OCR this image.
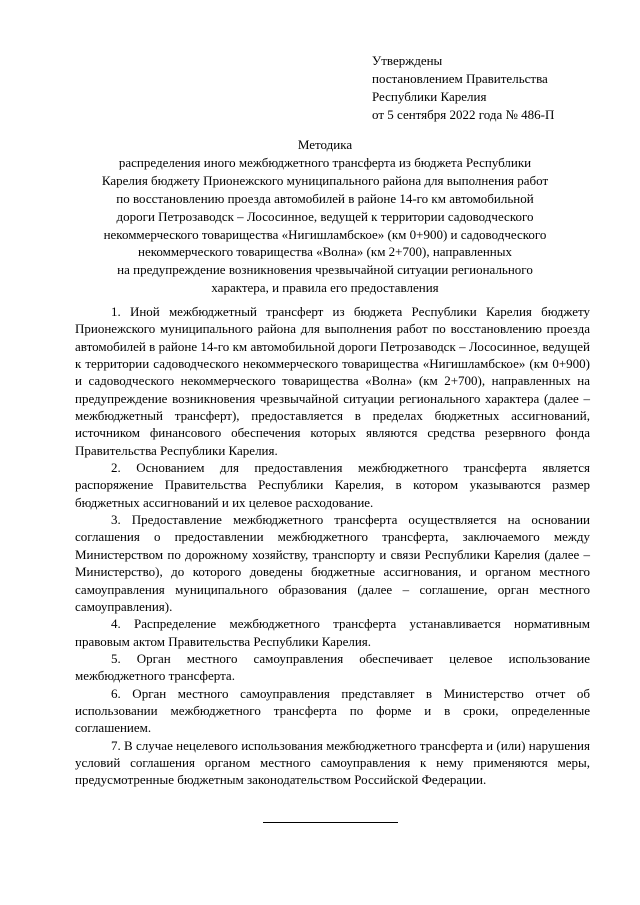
Утверждены
постановлением Правительства
Республики Карелия
от 5 сентября 2022 года № 486-П
Методика
распределения иного межбюджетного трансферта из бюджета Республики
Карелия бюджету Прионежского муниципального района для выполнения работ
по восстановлению проезда автомобилей в районе 14-го км автомобильной
дороги Петрозаводск – Лососинное, ведущей к территории садоводческого
некоммерческого товарищества «Нигишламбское» (км 0+900) и садоводческого
некоммерческого товарищества «Волна» (км 2+700), направленных
на предупреждение возникновения чрезвычайной ситуации регионального
характера, и правила его предоставления

1. Иной межбюджетный трансферт из бюджета Республики Карелия бюджету Прионежского муниципального района для выполнения работ по восстановлению проезда автомобилей в районе 14-го км автомобильной дороги Петрозаводск – Лососинное, ведущей к территории садоводческого некоммерческого товарищества «Нигишламбское» (км 0+900) и садоводческого некоммерческого товарищества «Волна» (км 2+700), направленных на предупреждение возникновения чрезвычайной ситуации регионального характера (далее – межбюджетный трансферт), предоставляется в пределах бюджетных ассигнований, источником финансового обеспечения которых являются средства резервного фонда Правительства Республики Карелия.

2. Основанием для предоставления межбюджетного трансферта является распоряжение Правительства Республики Карелия, в котором указываются размер бюджетных ассигнований и их целевое расходование.

3. Предоставление межбюджетного трансферта осуществляется на основании соглашения о предоставлении межбюджетного трансферта, заключаемого между Министерством по дорожному хозяйству, транспорту и связи Республики Карелия (далее – Министерство), до которого доведены бюджетные ассигнования, и органом местного самоуправления муниципального образования (далее – соглашение, орган местного самоуправления).

4. Распределение межбюджетного трансферта устанавливается нормативным правовым актом Правительства Республики Карелия.

5. Орган местного самоуправления обеспечивает целевое использование межбюджетного трансферта.

6. Орган местного самоуправления представляет в Министерство отчет об использовании межбюджетного трансферта по форме и в сроки, определенные соглашением.

7. В случае нецелевого использования межбюджетного трансферта и (или) нарушения условий соглашения органом местного самоуправления к нему применяются меры, предусмотренные бюджетным законодательством Российской Федерации.
